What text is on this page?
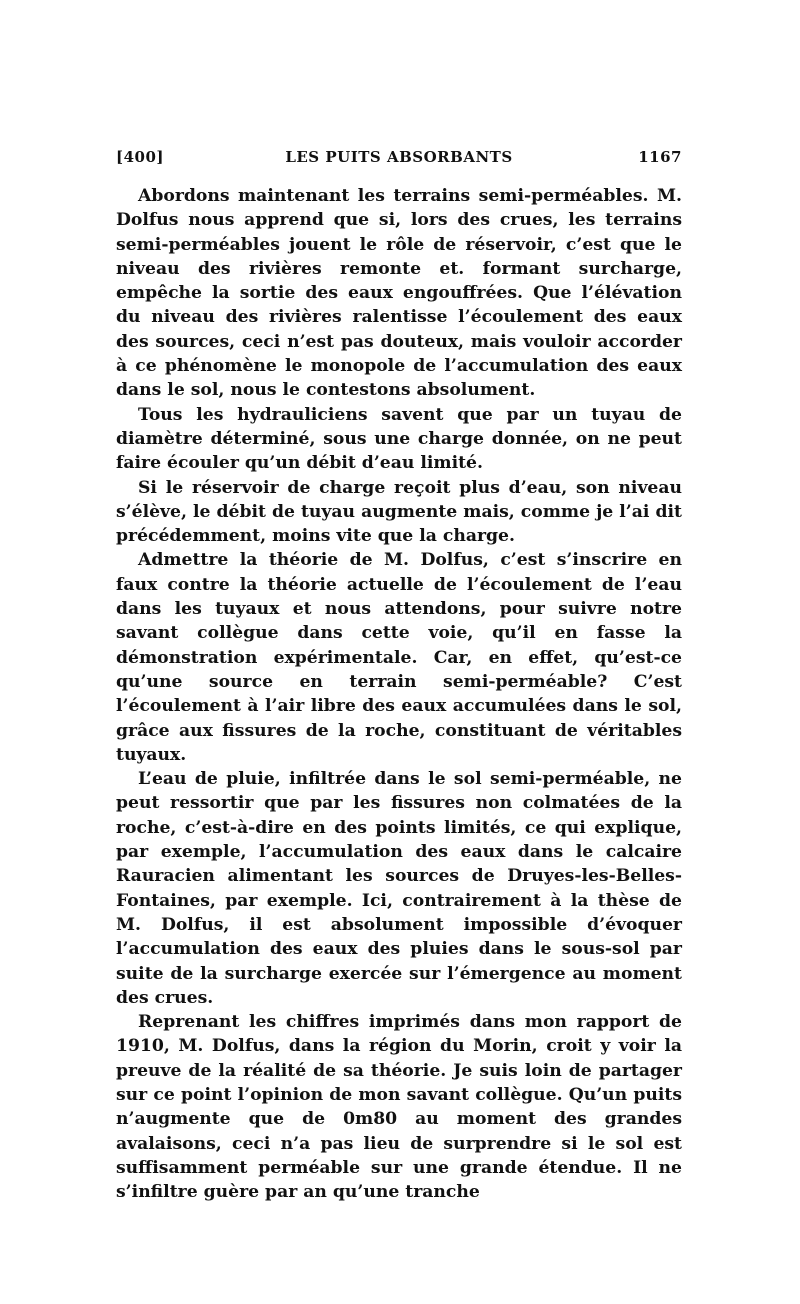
[400]	LES PUITS ABSORBANTS	1167

Abordons maintenant les terrains semi-perméables. M. Dolfus nous apprend que si, lors des crues, les terrains semi-perméables jouent le rôle de réservoir, c’est que le niveau des rivières remonte et. formant surcharge, empêche la sortie des eaux engouffrées. Que l’élévation du niveau des rivières ralentisse l’écoulement des eaux des sources, ceci n’est pas douteux, mais vouloir accorder à ce phénomène le monopole de l’accumulation des eaux dans le sol, nous le contestons absolument.

Tous les hydrauliciens savent que par un tuyau de diamètre déterminé, sous une charge donnée, on ne peut faire écouler qu’un débit d’eau limité.

Si le réservoir de charge reçoit plus d’eau, son niveau s’élève, le débit de tuyau augmente mais, comme je l’ai dit précédemment, moins vite que la charge.

Admettre la théorie de M. Dolfus, c’est s’inscrire en faux contre la théorie actuelle de l’écoulement de l’eau dans les tuyaux et nous attendons, pour suivre notre savant collègue dans cette voie, qu’il en fasse la démonstration expérimentale. Car, en effet, qu’est-ce qu’une source en terrain semi-perméable? C’est l’écoulement à l’air libre des eaux accumulées dans le sol, grâce aux fissures de la roche, constituant de véritables tuyaux.

L’eau de pluie, infiltrée dans le sol semi-perméable, ne peut ressortir que par les fissures non colmatées de la roche, c’est-à-dire en des points limités, ce qui explique, par exemple, l’accumulation des eaux dans le calcaire Rauracien alimentant les sources de Druyes-les-Belles-Fontaines, par exemple. Ici, contrairement à la thèse de M. Dolfus, il est absolument impossible d’évoquer l’accumulation des eaux des pluies dans le sous-sol par suite de la surcharge exercée sur l’émergence au moment des crues.

Reprenant les chiffres imprimés dans mon rapport de 1910, M. Dolfus, dans la région du Morin, croit y voir la preuve de la réalité de sa théorie. Je suis loin de partager sur ce point l’opinion de mon savant collègue. Qu’un puits n’augmente que de 0m80 au moment des grandes avalaisons, ceci n’a pas lieu de surprendre si le sol est suffisamment perméable sur une grande étendue. Il ne s’infiltre guère par an qu’une tranche
